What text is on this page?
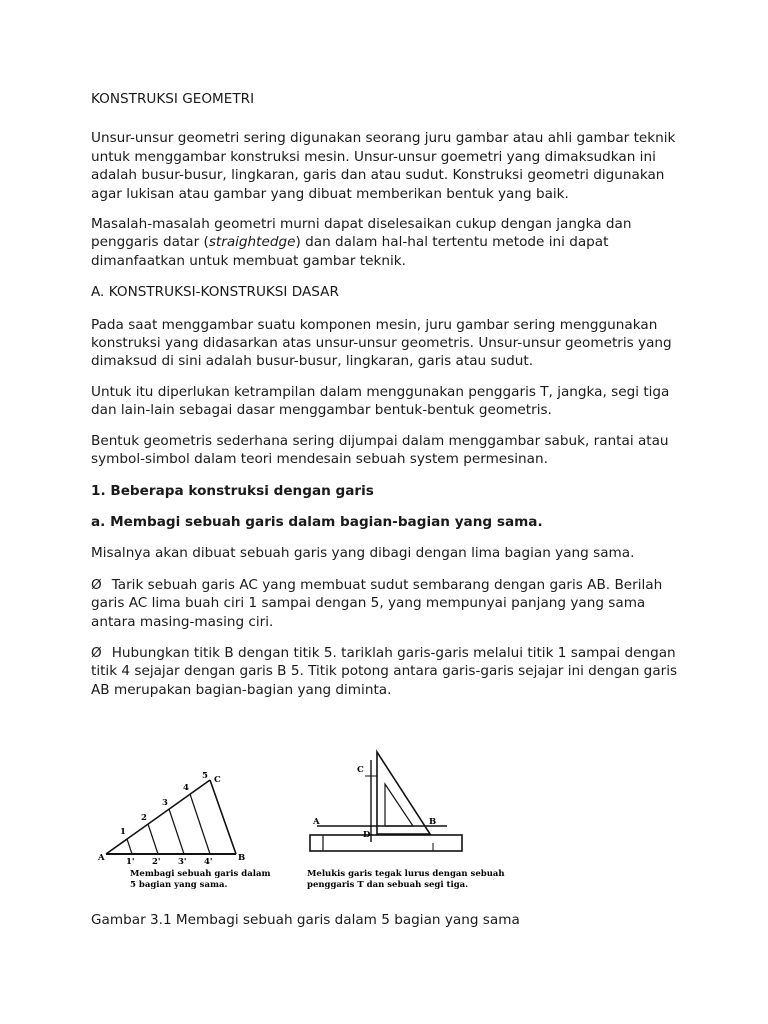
KONSTRUKSI GEOMETRI

Unsur-unsur geometri sering digunakan seorang juru gambar atau ahli gambar teknik untuk menggambar konstruksi mesin. Unsur-unsur goemetri yang dimaksudkan ini adalah busur-busur, lingkaran, garis dan atau sudut. Konstruksi geometri digunakan agar lukisan atau gambar yang dibuat memberikan bentuk yang baik.

Masalah-masalah geometri murni dapat diselesaikan cukup dengan jangka dan penggaris datar (straightedge) dan dalam hal-hal tertentu metode ini dapat dimanfaatkan untuk membuat gambar teknik.

A. KONSTRUKSI-KONSTRUKSI DASAR

Pada saat menggambar suatu komponen mesin, juru gambar sering menggunakan konstruksi yang didasarkan atas unsur-unsur geometris. Unsur-unsur geometris yang dimaksud di sini adalah busur-busur, lingkaran, garis atau sudut.

Untuk itu diperlukan ketrampilan dalam menggunakan penggaris T, jangka, segi tiga dan lain-lain sebagai dasar menggambar bentuk-bentuk geometris.

Bentuk geometris sederhana sering dijumpai dalam menggambar sabuk, rantai atau symbol-simbol dalam teori mendesain sebuah system permesinan.

1. Beberapa konstruksi dengan garis

a. Membagi sebuah garis dalam bagian-bagian yang sama.

Misalnya akan dibuat sebuah garis yang dibagi dengan lima bagian yang sama.

Ø Tarik sebuah garis AC yang membuat sudut sembarang dengan garis AB. Berilah garis AC lima buah ciri 1 sampai dengan 5, yang mempunyai panjang yang sama antara masing-masing ciri.

Ø Hubungkan titik B dengan titik 5. tariklah garis-garis melalui titik 1 sampai dengan titik 4 sejajar dengan garis B 5. Titik potong antara garis-garis sejajar ini dengan garis AB merupakan bagian-bagian yang diminta.

A	1' 2' 3' 4'	B
1
2
3
4
5 C
Membagi sebuah garis dalam
5 bagian yang sama.
C
A
D
B
Melukis garis tegak lurus dengan sebuah
penggaris T dan sebuah segi tiga.

Gambar 3.1 Membagi sebuah garis dalam 5 bagian yang sama
